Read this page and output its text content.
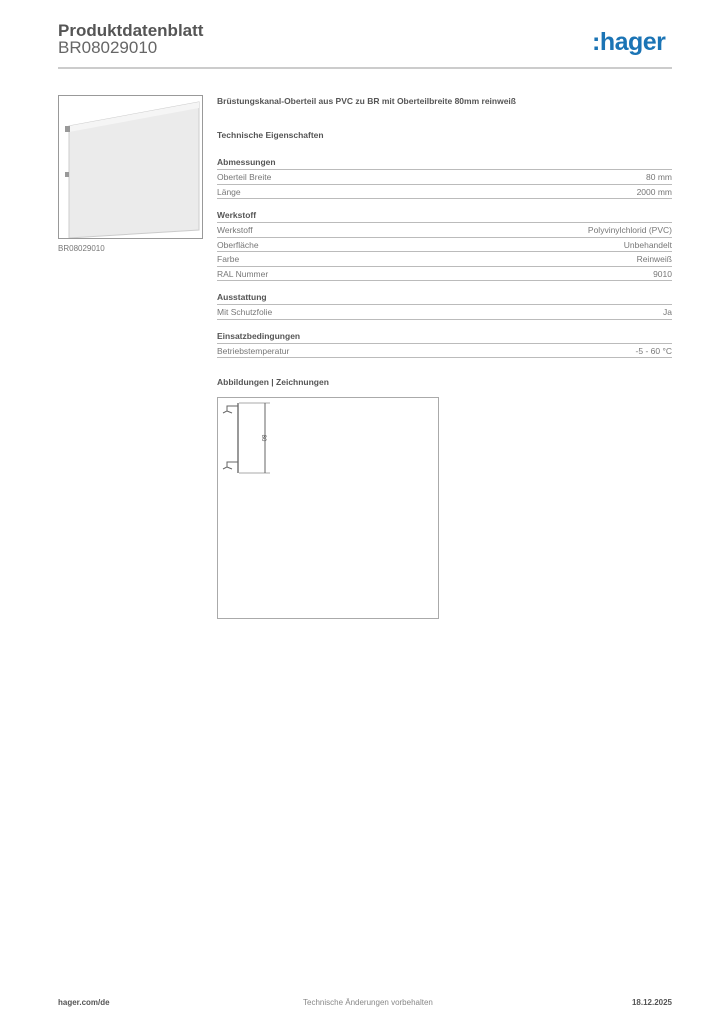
Produktdatenblatt
BR08029010	:hager
BR08029010
Brüstungskanal-Oberteil aus PVC zu BR mit Oberteilbreite 80mm reinweiß
Technische Eigenschaften
Abmessungen
Oberteil Breite	80 mm
Länge	2000 mm
Werkstoff
Werkstoff	Polyvinylchlorid (PVC)
Oberfläche	Unbehandelt
Farbe	Reinweiß
RAL Nummer	9010
Ausstattung
Mit Schutzfolie	Ja
Einsatzbedingungen
Betriebstemperatur	-5 - 60 °C
Abbildungen | Zeichnungen
80
hager.com/de	Technische Änderungen vorbehalten	18.12.2025
